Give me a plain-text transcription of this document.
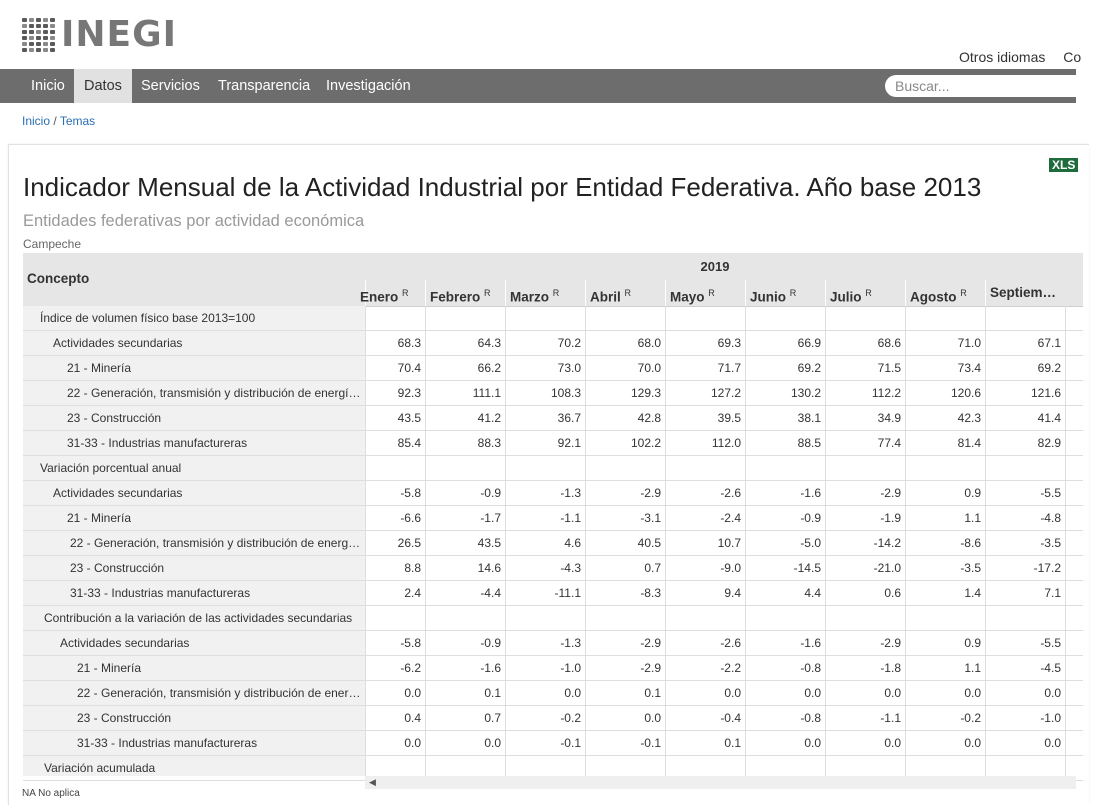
INEGI
Otros idiomas Co
Inicio	Datos	Servicios	Transparencia	Investigación
Buscar...
Inicio / Temas
XLS
Indicador Mensual de la Actividad Industrial por Entidad Federativa. Año base 2013
Entidades federativas por actividad económica
Campeche
Concepto
2019
Enero $^R$	Febrero $^R$	Marzo $^R$	Abril $^R$	Mayo $^R$	Junio $^R$	Julio $^R$	Agosto $^R$	Septiem…
Índice de volumen físico base 2013=100
Actividades secundarias	68.3	64.3	70.2	68.0	69.3	66.9	68.6	71.0	67.1
21 - Minería	70.4	66.2	73.0	70.0	71.7	69.2	71.5	73.4	69.2
22 - Generación, transmisión y distribución de energí…	92.3	111.1	108.3	129.3	127.2	130.2	112.2	120.6	121.6
23 - Construcción	43.5	41.2	36.7	42.8	39.5	38.1	34.9	42.3	41.4
31-33 - Industrias manufactureras	85.4	88.3	92.1	102.2	112.0	88.5	77.4	81.4	82.9
Variación porcentual anual
Actividades secundarias	-5.8	-0.9	-1.3	-2.9	-2.6	-1.6	-2.9	0.9	-5.5
21 - Minería	-6.6	-1.7	-1.1	-3.1	-2.4	-0.9	-1.9	1.1	-4.8
22 - Generación, transmisión y distribución de energ…	26.5	43.5	4.6	40.5	10.7	-5.0	-14.2	-8.6	-3.5
23 - Construcción	8.8	14.6	-4.3	0.7	-9.0	-14.5	-21.0	-3.5	-17.2
31-33 - Industrias manufactureras	2.4	-4.4	-11.1	-8.3	9.4	4.4	0.6	1.4	7.1
Contribución a la variación de las actividades secundarias
Actividades secundarias	-5.8	-0.9	-1.3	-2.9	-2.6	-1.6	-2.9	0.9	-5.5
21 - Minería	-6.2	-1.6	-1.0	-2.9	-2.2	-0.8	-1.8	1.1	-4.5
22 - Generación, transmisión y distribución de ener…	0.0	0.1	0.0	0.1	0.0	0.0	0.0	0.0	0.0
23 - Construcción	0.4	0.7	-0.2	0.0	-0.4	-0.8	-1.1	-0.2	-1.0
31-33 - Industrias manufactureras	0.0	0.0	-0.1	-0.1	0.1	0.0	0.0	0.0	0.0
Variación acumulada
◀
NA No aplica
